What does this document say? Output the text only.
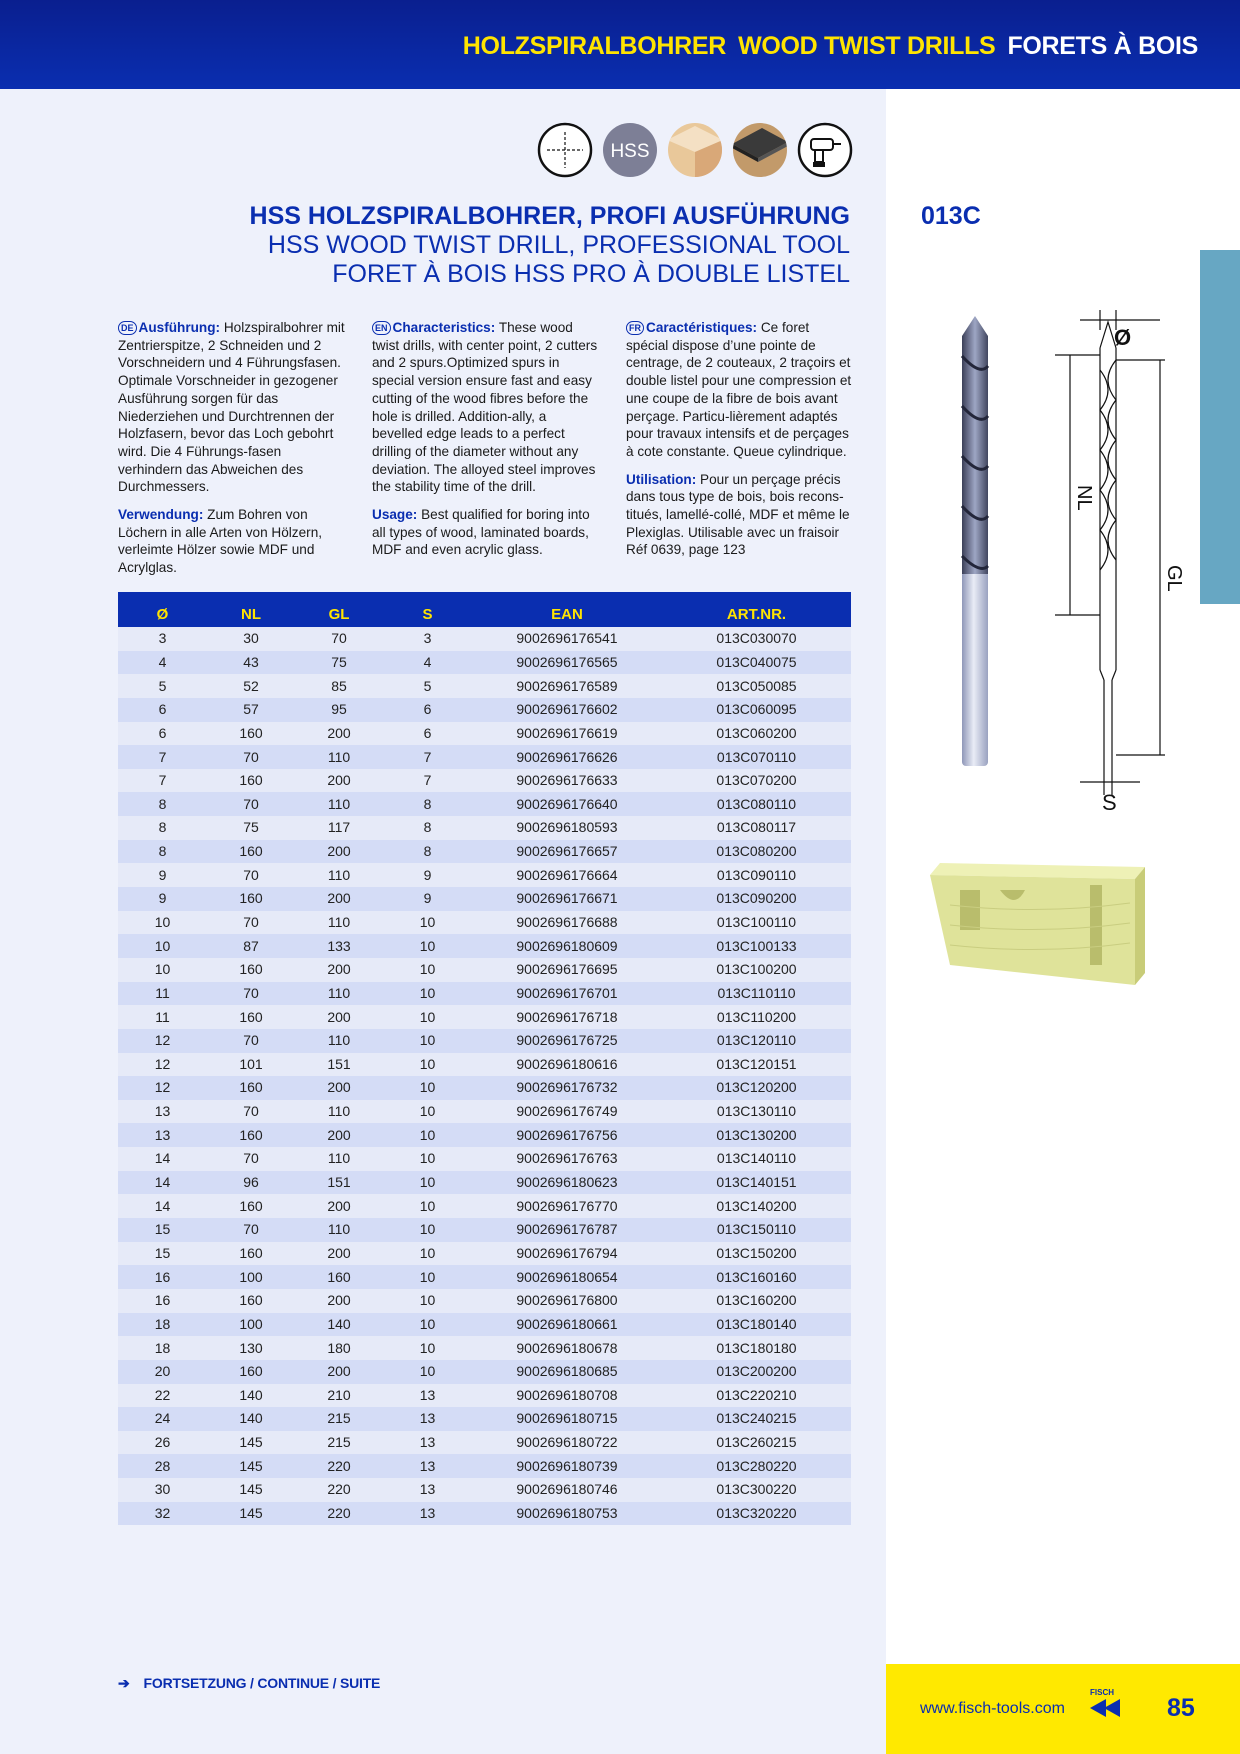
HOLZSPIRALBOHRER WOOD TWIST DRILLS FORETS À BOIS
HSS
013C
HSS HOLZSPIRALBOHRER, PROFI AUSFÜHRUNG
HSS WOOD TWIST DRILL, PROFESSIONAL TOOL
FORET À BOIS HSS PRO À DOUBLE LISTEL

DE Ausführung: Holzspiralbohrer mit Zentrierspitze, 2 Schneiden und 2 Vorschneidern und 4 Führungsfasen. Optimale Vorschneider in gezogener Ausführung sorgen für das Niederziehen und Durchtrennen der Holzfasern, bevor das Loch gebohrt wird. Die 4 Führungs-fasen verhindern das Abweichen des Durchmessers.

Verwendung: Zum Bohren von Löchern in alle Arten von Hölzern, verleimte Hölzer sowie MDF und Acrylglas.

EN Characteristics: These wood twist drills, with center point, 2 cutters and 2 spurs.Optimized spurs in special version ensure fast and easy cutting of the wood fibres before the hole is drilled. Addition-ally, a bevelled edge leads to a perfect drilling of the diameter without any deviation. The alloyed steel improves the stability time of the drill.

Usage: Best qualified for boring into all types of wood, laminated boards, MDF and even acrylic glass.

FR Caractéristiques: Ce foret spécial dispose d’une pointe de centrage, de 2 couteaux, 2 traçoirs et double listel pour une compression et une coupe de la fibre de bois avant perçage. Particu-lièrement adaptés pour travaux intensifs et de perçages à cote constante. Queue cylindrique.

Utilisation: Pour un perçage précis dans tous type de bois, bois recons-titués, lamellé-collé, MDF et même le Plexiglas. Utilisable avec un fraisoir Réf 0639, page 123

Ø	NL	GL	S	EAN	ART.NR.
3	30	70	3	9002696176541	013C030070
4	43	75	4	9002696176565	013C040075
5	52	85	5	9002696176589	013C050085
6	57	95	6	9002696176602	013C060095
6	160	200	6	9002696176619	013C060200
7	70	110	7	9002696176626	013C070110
7	160	200	7	9002696176633	013C070200
8	70	110	8	9002696176640	013C080110
8	75	117	8	9002696180593	013C080117
8	160	200	8	9002696176657	013C080200
9	70	110	9	9002696176664	013C090110
9	160	200	9	9002696176671	013C090200
10	70	110	10	9002696176688	013C100110
10	87	133	10	9002696180609	013C100133
10	160	200	10	9002696176695	013C100200
11	70	110	10	9002696176701	013C110110
11	160	200	10	9002696176718	013C110200
12	70	110	10	9002696176725	013C120110
12	101	151	10	9002696180616	013C120151
12	160	200	10	9002696176732	013C120200
13	70	110	10	9002696176749	013C130110
13	160	200	10	9002696176756	013C130200
14	70	110	10	9002696176763	013C140110
14	96	151	10	9002696180623	013C140151
14	160	200	10	9002696176770	013C140200
15	70	110	10	9002696176787	013C150110
15	160	200	10	9002696176794	013C150200
16	100	160	10	9002696180654	013C160160
16	160	200	10	9002696176800	013C160200
18	100	140	10	9002696180661	013C180140
18	130	180	10	9002696180678	013C180180
20	160	200	10	9002696180685	013C200200
22	140	210	13	9002696180708	013C220210
24	140	215	13	9002696180715	013C240215
26	145	215	13	9002696180722	013C260215
28	145	220	13	9002696180739	013C280220
30	145	220	13	9002696180746	013C300220
32	145	220	13	9002696180753	013C320220
Ø
NL
GL
S
➔ FORTSETZUNG / CONTINUE / SUITE
www.fisch-tools.com
FISCH
85
